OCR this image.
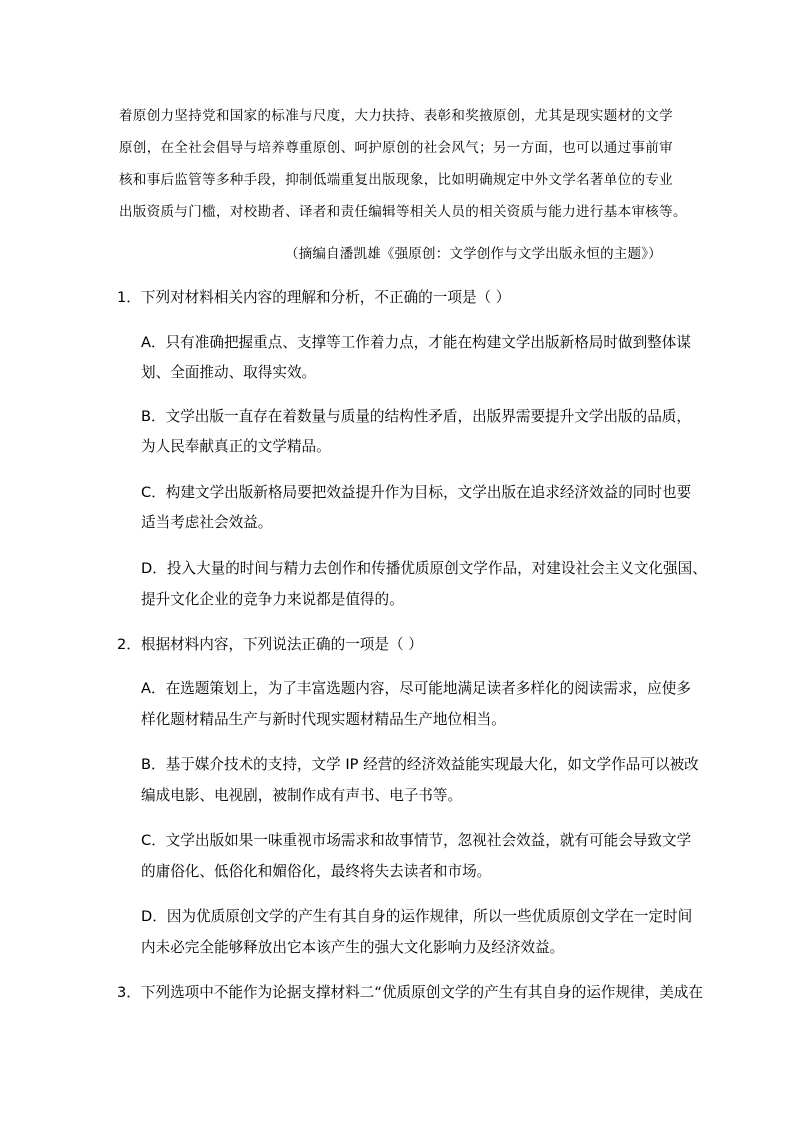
着原创力坚持党和国家的标准与尺度，大力扶持、表彰和奖掖原创，尤其是现实题材的文学
原创，在全社会倡导与培养尊重原创、呵护原创的社会风气；另一方面，也可以通过事前审
核和事后监管等多种手段，抑制低端重复出版现象，比如明确规定中外文学名著单位的专业
出版资质与门槛，对校勘者、译者和责任编辑等相关人员的相关资质与能力进行基本审核等。
（摘编自潘凯雄《强原创：文学创作与文学出版永恒的主题》）
1．下列对材料相关内容的理解和分析，不正确的一项是（ ）
A．只有准确把握重点、支撑等工作着力点，才能在构建文学出版新格局时做到整体谋
划、全面推动、取得实效。
B．文学出版一直存在着数量与质量的结构性矛盾，出版界需要提升文学出版的品质，
为人民奉献真正的文学精品。
C．构建文学出版新格局要把效益提升作为目标，文学出版在追求经济效益的同时也要
适当考虑社会效益。
D．投入大量的时间与精力去创作和传播优质原创文学作品，对建设社会主义文化强国、
提升文化企业的竞争力来说都是值得的。
2．根据材料内容，下列说法正确的一项是（ ）
A．在选题策划上，为了丰富选题内容，尽可能地满足读者多样化的阅读需求，应使多
样化题材精品生产与新时代现实题材精品生产地位相当。
B．基于媒介技术的支持，文学 IP 经营的经济效益能实现最大化，如文学作品可以被改
编成电影、电视剧，被制作成有声书、电子书等。
C．文学出版如果一味重视市场需求和故事情节，忽视社会效益，就有可能会导致文学
的庸俗化、低俗化和媚俗化，最终将失去读者和市场。
D．因为优质原创文学的产生有其自身的运作规律，所以一些优质原创文学在一定时间
内未必完全能够释放出它本该产生的强大文化影响力及经济效益。
3．下列选项中不能作为论据支撑材料二“优质原创文学的产生有其自身的运作规律，美成在
